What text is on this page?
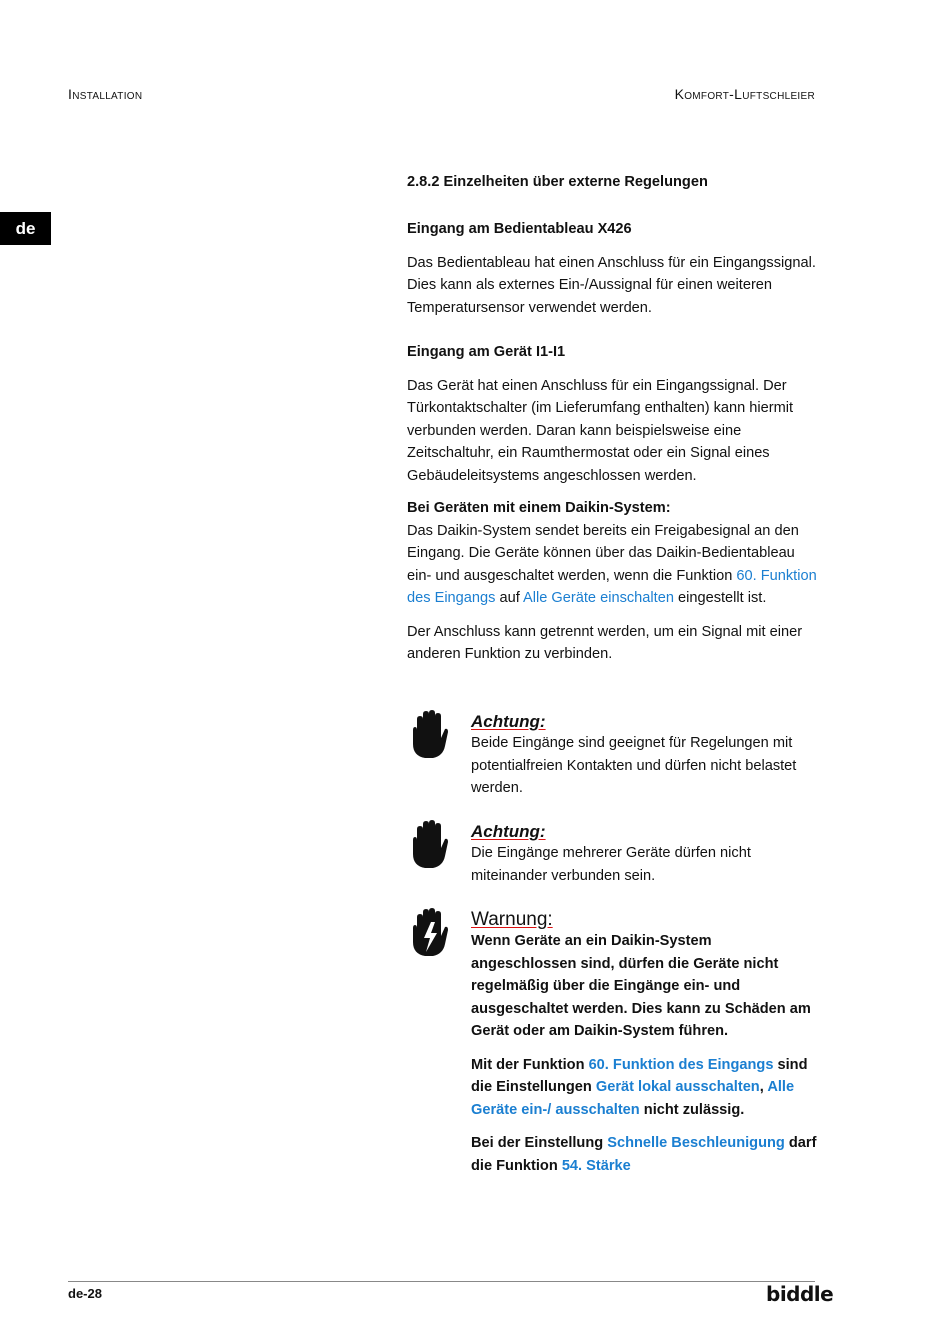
Installation	Komfort-Luftschleier
de
2.8.2 Einzelheiten über externe Regelungen

Eingang am Bedientableau X426

Das Bedientableau hat einen Anschluss für ein Eingangssignal. Dies kann als externes Ein-/Aussignal für einen weiteren Temperatursensor verwendet werden.

Eingang am Gerät I1-I1

Das Gerät hat einen Anschluss für ein Eingangssignal. Der Türkontaktschalter (im Lieferumfang enthalten) kann hiermit verbunden werden. Daran kann beispielsweise eine Zeitschaltuhr, ein Raumthermostat oder ein Signal eines Gebäudeleitsystems angeschlossen werden.

Bei Geräten mit einem Daikin-System:

Das Daikin-System sendet bereits ein Freigabesignal an den Eingang. Die Geräte können über das Daikin-Bedientableau ein- und ausgeschaltet werden, wenn die Funktion 60. Funktion des Eingangs auf Alle Geräte einschalten eingestellt ist.

Der Anschluss kann getrennt werden, um ein Signal mit einer anderen Funktion zu verbinden.

Achtung:

Beide Eingänge sind geeignet für Regelungen mit potentialfreien Kontakten und dürfen nicht belastet werden.

Achtung:

Die Eingänge mehrerer Geräte dürfen nicht miteinander verbunden sein.

Warnung:

Wenn Geräte an ein Daikin-System angeschlossen sind, dürfen die Geräte nicht regelmäßig über die Eingänge ein- und ausgeschaltet werden. Dies kann zu Schäden am Gerät oder am Daikin-System führen.

Mit der Funktion 60. Funktion des Eingangs sind die Einstellungen Gerät lokal ausschalten, Alle Geräte ein-/ ausschalten nicht zulässig.

Bei der Einstellung Schnelle Beschleunigung darf die Funktion 54. Stärke

de-28	biddle
